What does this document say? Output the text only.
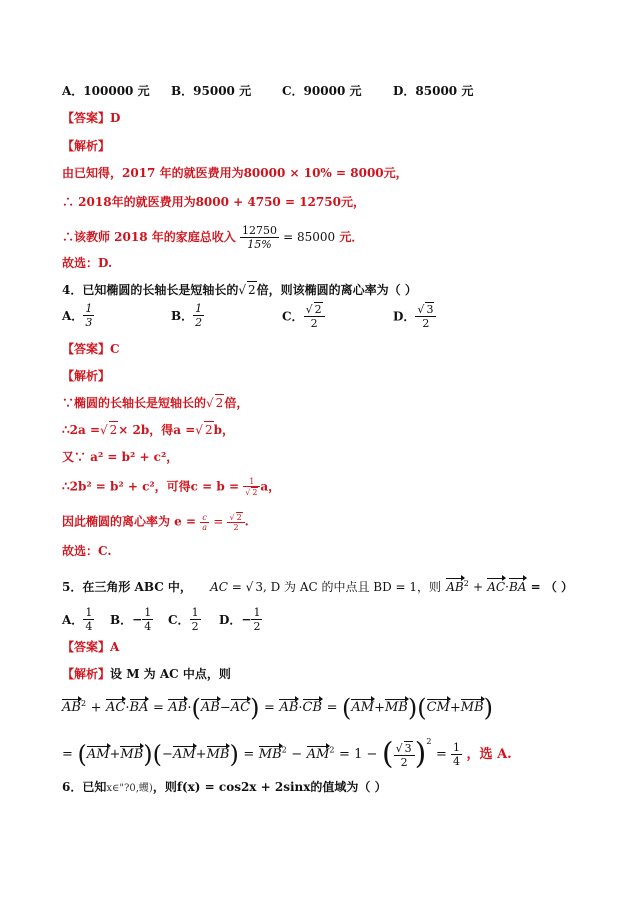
A．100000 元 B．95000 元	C．90000 元	D．85000 元
【答案】D
【解析】
由已知得，2017 年的就医费用为80000 × 10% = 8000元，
∴ 2018年的就医费用为8000 + 4750 = 12750元，
∴该教师 2018 年的家庭总收入 $\frac{12750}{15\%} = 85000$ 元．
故选：D.
4．已知椭圆的长轴长是短轴长的√ 2倍，则该椭圆的离心率为（ ）
A． $\frac{1}{3}$	B． $\frac{1}{2}$	C． $\frac{√ 2}{2}$	D． $\frac{√ 3}{2}$
【答案】C
【解析】
∵椭圆的长轴长是短轴长的√ 2倍，
∴2a =√ 2× 2b，得a =√ 2b，
又∵ a² = b² + c²，
∴2b² = b² + c²，可得$c = b = \frac{1}{√ 2}$ a，
因此椭圆的离心率为 $e = \frac{c}{a} = \frac{√ 2}{2}$ .
故选：C.
5．在三角形 ABC 中， AC = √ 3, D 为 AC 的中点且 BD = 1，则 $AB^2 + AC\cdot BA$ = （ ）
A． $\frac{1}{4}$ B．− $\frac{1}{4}$ C． $\frac{1}{2}$ D．− $\frac{1}{2}$
【答案】A
【解析】设 M 为 AC 中点，则
$AB^2 + AC\cdot BA = AB\cdot(AB-AC) = AB\cdot CB = (AM+MB)(CM+MB)$
= $(AM+MB)(-AM+MB) = MB^2 - AM^2 = 1$ − ( $\frac{√ 3}{2} )^2 = \frac{1}{4}$ ，选 A.
6．已知x∈"?0,蠼)，则f(x) = cos2x + 2sinx的值域为（ ）
